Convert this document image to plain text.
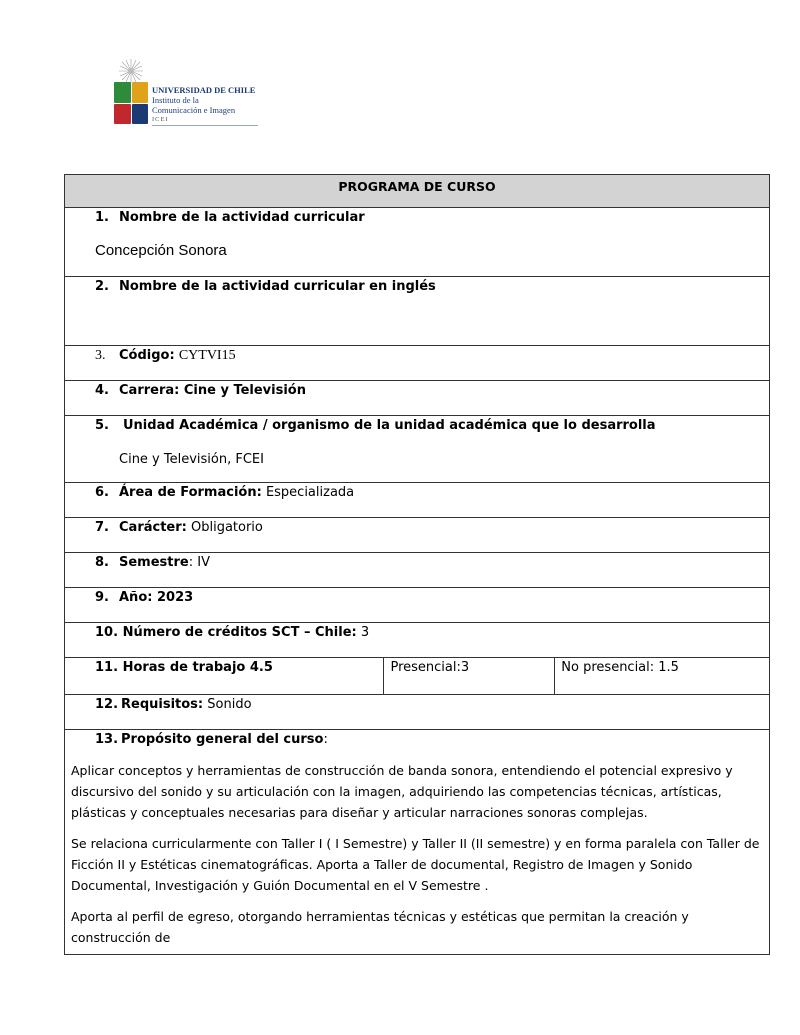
UNIVERSIDAD DE CHILE
Instituto de la
Comunicación e Imagen
ICEI
PROGRAMA DE CURSO

1. Nombre de la actividad curricular
Concepción Sonora

2. Nombre de la actividad curricular en inglés

3. Código: CYTVI15
4. Carrera: Cine y Televisión

5. Unidad Académica / organismo de la unidad académica que lo desarrolla
Cine y Televisión, FCEI

6. Área de Formación: Especializada
7. Carácter: Obligatorio
8. Semestre: IV
9. Año: 2023
10. Número de créditos SCT – Chile: 3
11. Horas de trabajo 4.5	Presencial:3	No presencial: 1.5
12. Requisitos: Sonido

13. Propósito general del curso:

Aplicar conceptos y herramientas de construcción de banda sonora, entendiendo el potencial expresivo y discursivo del sonido y su articulación con la imagen, adquiriendo las competencias técnicas, artísticas, plásticas y conceptuales necesarias para diseñar y articular narraciones sonoras complejas.

Se relaciona curricularmente con Taller I ( I Semestre) y Taller II (II semestre) y en forma paralela con Taller de Ficción II y Estéticas cinematográficas. Aporta a Taller de documental, Registro de Imagen y Sonido Documental, Investigación y Guión Documental en el V Semestre .

Aporta al perfil de egreso, otorgando herramientas técnicas y estéticas que permitan la creación y construcción de
